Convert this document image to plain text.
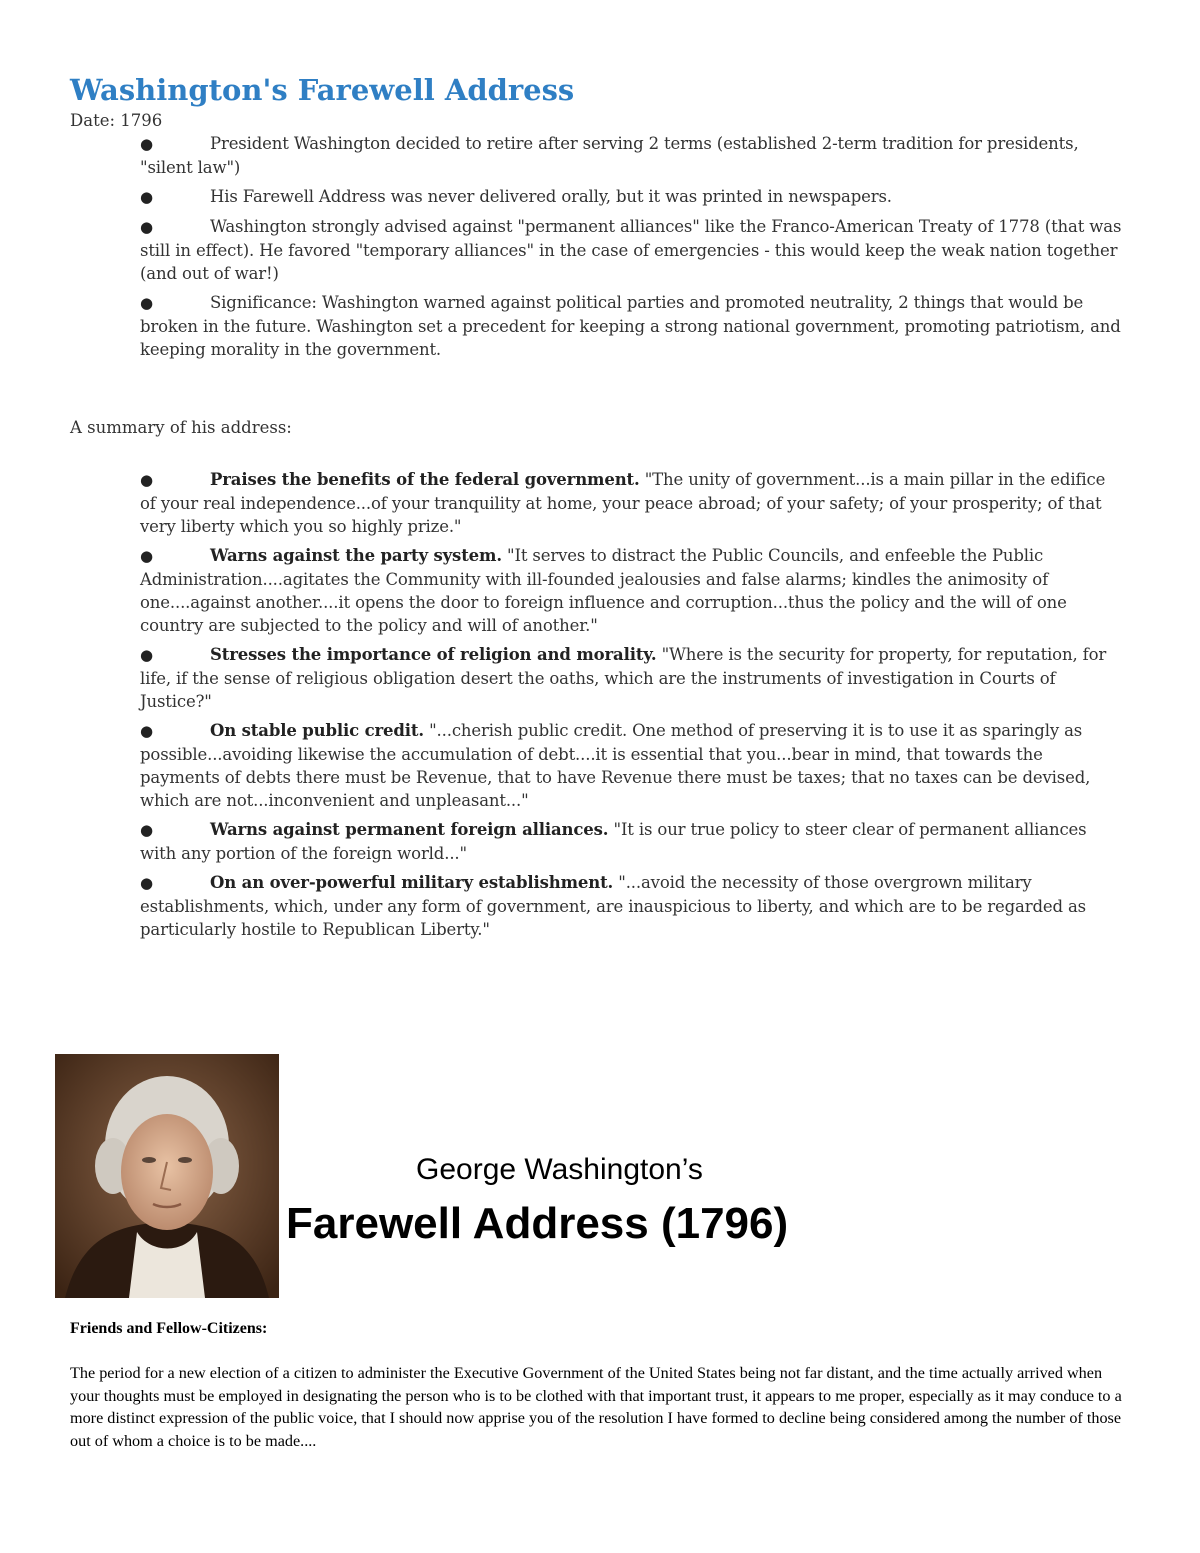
Washington's Farewell Address
Date: 1796
●	President Washington decided to retire after serving 2 terms (established 2-term tradition for presidents, "silent law")
●	His Farewell Address was never delivered orally, but it was printed in newspapers.
●	Washington strongly advised against "permanent alliances" like the Franco-American Treaty of 1778 (that was still in effect). He favored "temporary alliances" in the case of emergencies - this would keep the weak nation together (and out of war!)
●	Significance: Washington warned against political parties and promoted neutrality, 2 things that would be broken in the future. Washington set a precedent for keeping a strong national government, promoting patriotism, and keeping morality in the government.
A summary of his address:
●	Praises the benefits of the federal government. "The unity of government...is a main pillar in the edifice of your real independence...of your tranquility at home, your peace abroad; of your safety; of your prosperity; of that very liberty which you so highly prize."
●	Warns against the party system. "It serves to distract the Public Councils, and enfeeble the Public Administration....agitates the Community with ill-founded jealousies and false alarms; kindles the animosity of one....against another....it opens the door to foreign influence and corruption...thus the policy and the will of one country are subjected to the policy and will of another."
●	Stresses the importance of religion and morality. "Where is the security for property, for reputation, for life, if the sense of religious obligation desert the oaths, which are the instruments of investigation in Courts of Justice?"
●	On stable public credit. "...cherish public credit. One method of preserving it is to use it as sparingly as possible...avoiding likewise the accumulation of debt....it is essential that you...bear in mind, that towards the payments of debts there must be Revenue, that to have Revenue there must be taxes; that no taxes can be devised, which are not...inconvenient and unpleasant..."
●	Warns against permanent foreign alliances. "It is our true policy to steer clear of permanent alliances with any portion of the foreign world..."
●	On an over-powerful military establishment. "...avoid the necessity of those overgrown military establishments, which, under any form of government, are inauspicious to liberty, and which are to be regarded as particularly hostile to Republican Liberty."
George Washington’s
Farewell Address (1796)
Friends and Fellow-Citizens:

The period for a new election of a citizen to administer the Executive Government of the United States being not far distant, and the time actually arrived when your thoughts must be employed in designating the person who is to be clothed with that important trust, it appears to me proper, especially as it may conduce to a more distinct expression of the public voice, that I should now apprise you of the resolution I have formed to decline being considered among the number of those out of whom a choice is to be made....
